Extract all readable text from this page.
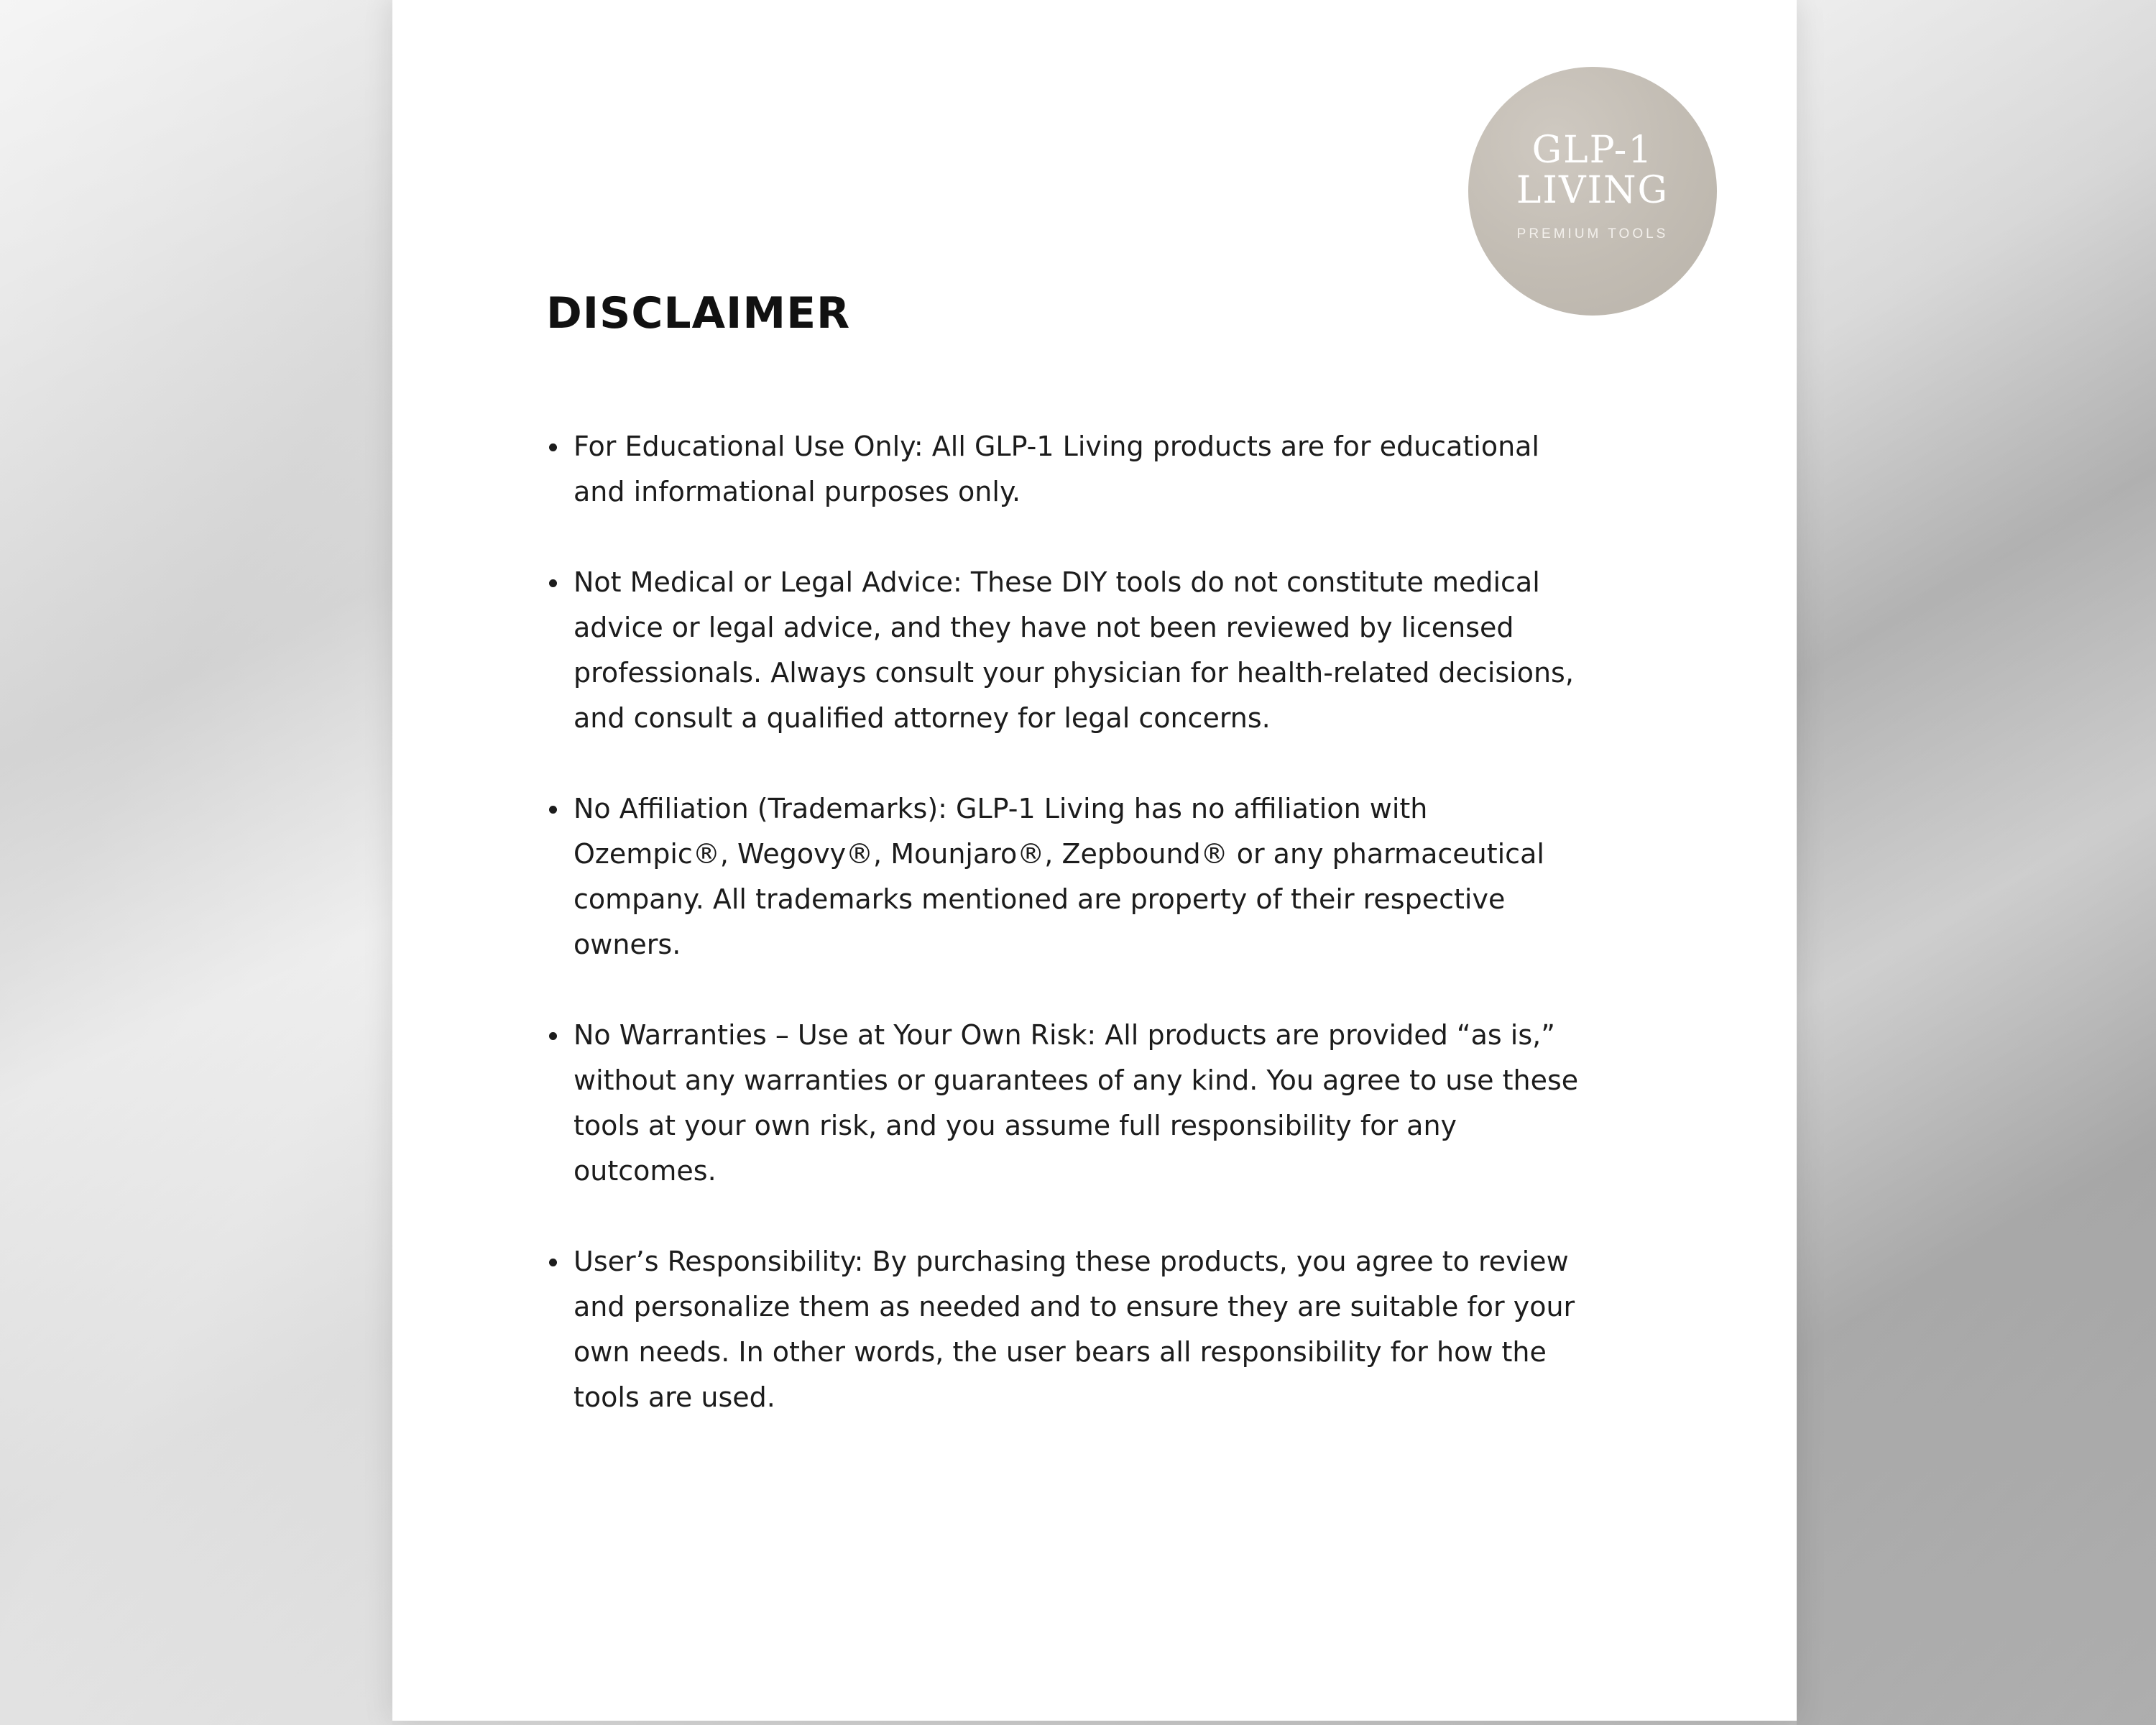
GLP-1 LIVING
PREMIUM TOOLS
DISCLAIMER
For Educational Use Only: All GLP-1 Living products are for educational and informational purposes only.
Not Medical or Legal Advice: These DIY tools do not constitute medical advice or legal advice, and they have not been reviewed by licensed professionals. Always consult your physician for health-related decisions, and consult a qualified attorney for legal concerns.
No Affiliation (Trademarks): GLP-1 Living has no affiliation with Ozempic®, Wegovy®, Mounjaro®, Zepbound® or any pharmaceutical company. All trademarks mentioned are property of their respective owners.
No Warranties – Use at Your Own Risk: All products are provided “as is,” without any warranties or guarantees of any kind. You agree to use these tools at your own risk, and you assume full responsibility for any outcomes.
User’s Responsibility: By purchasing these products, you agree to review and personalize them as needed and to ensure they are suitable for your own needs. In other words, the user bears all responsibility for how the tools are used.
